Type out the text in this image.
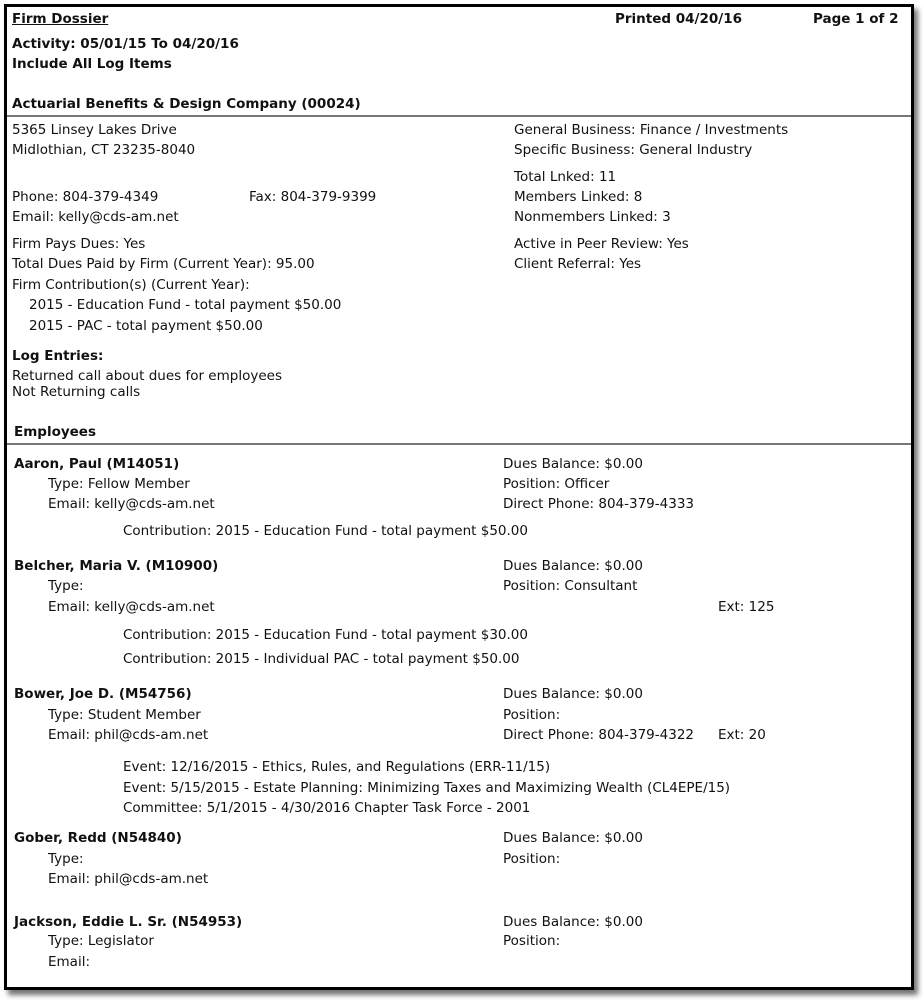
Firm Dossier	Printed 04/20/16	Page 1 of 2
Activity: 05/01/15 To 04/20/16
Include All Log Items
Actuarial Benefits & Design Company (00024)
5365 Linsey Lakes Drive
Midlothian, CT 23235-8040
Phone: 804-379-4349	Fax: 804-379-9399
Email: kelly@cds-am.net
Firm Pays Dues: Yes
Total Dues Paid by Firm (Current Year): 95.00
Firm Contribution(s) (Current Year):
2015 - Education Fund - total payment $50.00
2015 - PAC - total payment $50.00
General Business: Finance / Investments
Specific Business: General Industry
Total Lnked: 11
Members Linked: 8
Nonmembers Linked: 3
Active in Peer Review: Yes
Client Referral: Yes
Log Entries:
Returned call about dues for employees
Not Returning calls
Employees
Aaron, Paul (M14051)
Type: Fellow Member
Email: kelly@cds-am.net
Dues Balance: $0.00
Position: Officer
Direct Phone: 804-379-4333
Contribution: 2015 - Education Fund - total payment $50.00
Belcher, Maria V. (M10900)
Type:
Email: kelly@cds-am.net
Dues Balance: $0.00
Position: Consultant
Ext: 125
Contribution: 2015 - Education Fund - total payment $30.00
Contribution: 2015 - Individual PAC - total payment $50.00
Bower, Joe D. (M54756)
Type: Student Member
Email: phil@cds-am.net
Dues Balance: $0.00
Position:
Direct Phone: 804-379-4322 Ext: 20
Event: 12/16/2015 - Ethics, Rules, and Regulations (ERR-11/15)
Event: 5/15/2015 - Estate Planning: Minimizing Taxes and Maximizing Wealth (CL4EPE/15)
Committee: 5/1/2015 - 4/30/2016 Chapter Task Force - 2001
Gober, Redd (N54840)
Type:
Email: phil@cds-am.net
Dues Balance: $0.00
Position:
Jackson, Eddie L. Sr. (N54953)
Type: Legislator
Email:
Dues Balance: $0.00
Position:
